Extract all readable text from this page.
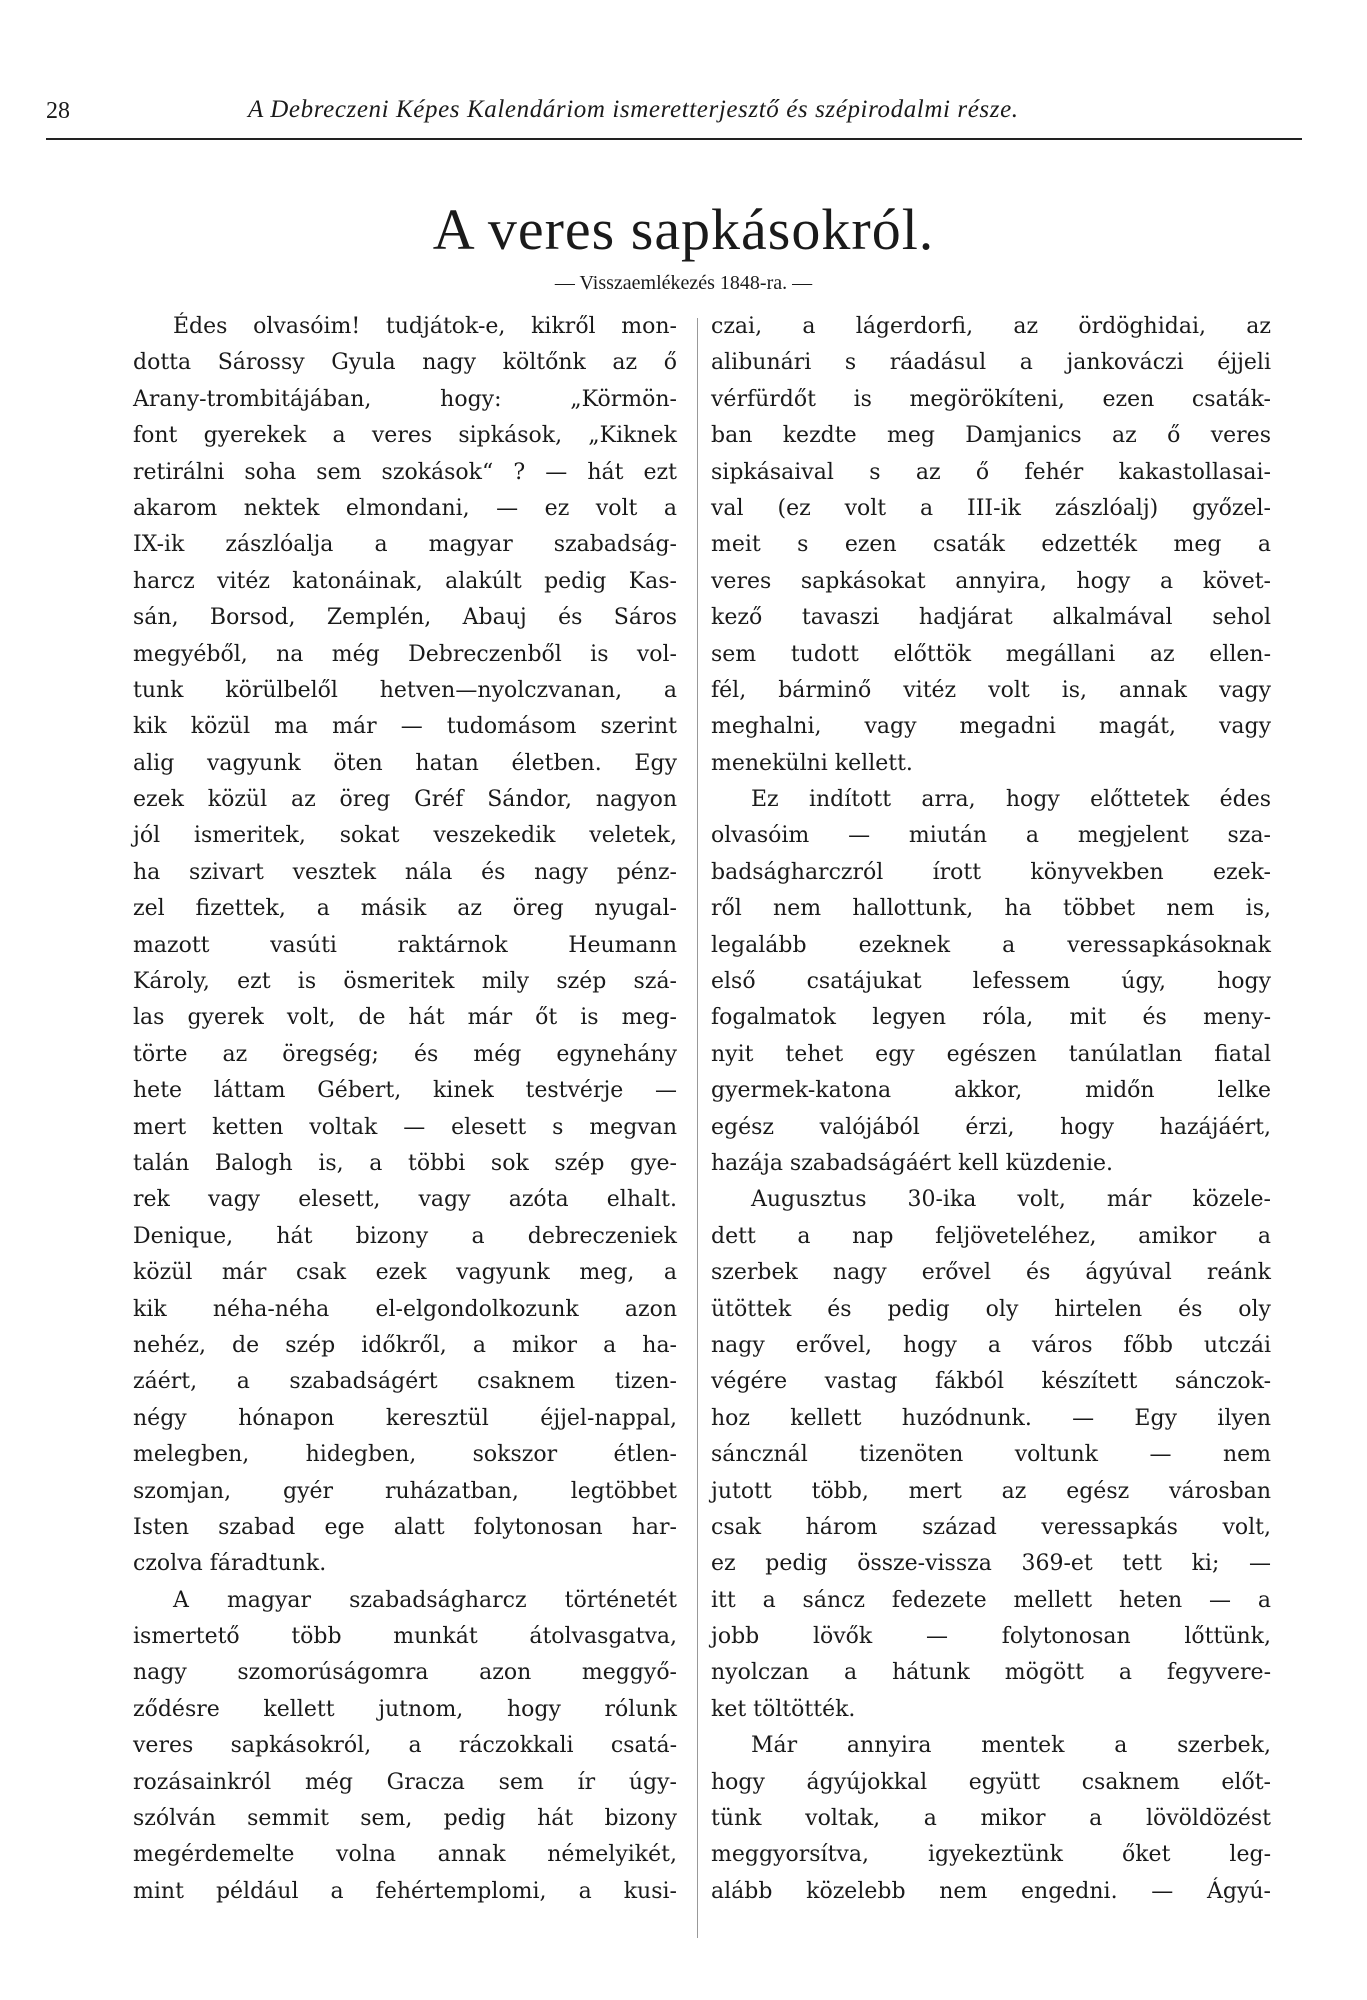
28	A Debreczeni Képes Kalendáriom ismeretterjesztő és szépirodalmi része.
A veres sapkásokról.
— Visszaemlékezés 1848-ra. —
Édes olvasóim! tudjátok-e, kikről mon-
dotta Sárossy Gyula nagy költőnk az ő
Arany-trombitájában, hogy: „Körmön-
font gyerekek a veres sipkások, „Kiknek
retirálni soha sem szokások“ ? — hát ezt
akarom nektek elmondani, — ez volt a
IX-ik zászlóalja a magyar szabadság-
harcz vitéz katonáinak, alakúlt pedig Kas-
sán, Borsod, Zemplén, Abauj és Sáros
megyéből, na még Debreczenből is vol-
tunk körülbelől hetven—nyolczvanan, a
kik közül ma már — tudomásom szerint
alig vagyunk öten hatan életben. Egy
ezek közül az öreg Gréf Sándor, nagyon
jól ismeritek, sokat veszekedik veletek,
ha szivart vesztek nála és nagy pénz-
zel fizettek, a másik az öreg nyugal-
mazott vasúti raktárnok Heumann
Károly, ezt is ösmeritek mily szép szá-
las gyerek volt, de hát már őt is meg-
törte az öregség; és még egynehány
hete láttam Gébert, kinek testvérje —
mert ketten voltak — elesett s megvan
talán Balogh is, a többi sok szép gye-
rek vagy elesett, vagy azóta elhalt.
Denique, hát bizony a debreczeniek
közül már csak ezek vagyunk meg, a
kik néha-néha el-elgondolkozunk azon
nehéz, de szép időkről, a mikor a ha-
záért, a szabadságért csaknem tizen-
négy hónapon keresztül éjjel-nappal,
melegben, hidegben, sokszor étlen-
szomjan, gyér ruházatban, legtöbbet
Isten szabad ege alatt folytonosan har-
czolva fáradtunk.
A magyar szabadságharcz történetét
ismertető több munkát átolvasgatva,
nagy szomorúságomra azon meggyő-
ződésre kellett jutnom, hogy rólunk
veres sapkásokról, a ráczokkali csatá-
rozásainkról még Gracza sem ír úgy-
szólván semmit sem, pedig hát bizony
megérdemelte volna annak némelyikét,
mint például a fehértemplomi, a kusi-
czai, a lágerdorfi, az ördöghidai, az
alibunári s ráadásul a jankováczi éjjeli
vérfürdőt is megörökíteni, ezen csaták-
ban kezdte meg Damjanics az ő veres
sipkásaival s az ő fehér kakastollasai-
val (ez volt a III-ik zászlóalj) győzel-
meit s ezen csaták edzették meg a
veres sapkásokat annyira, hogy a követ-
kező tavaszi hadjárat alkalmával sehol
sem tudott előttök megállani az ellen-
fél, bárminő vitéz volt is, annak vagy
meghalni, vagy megadni magát, vagy
menekülni kellett.
Ez indított arra, hogy előttetek édes
olvasóim — miután a megjelent sza-
badságharczról írott könyvekben ezek-
ről nem hallottunk, ha többet nem is,
legalább ezeknek a veressapkásoknak
első csatájukat lefessem úgy, hogy
fogalmatok legyen róla, mit és meny-
nyit tehet egy egészen tanúlatlan fiatal
gyermek-katona akkor, midőn lelke
egész valójából érzi, hogy hazájáért,
hazája szabadságáért kell küzdenie.
Augusztus 30-ika volt, már közele-
dett a nap feljöveteléhez, amikor a
szerbek nagy erővel és ágyúval reánk
ütöttek és pedig oly hirtelen és oly
nagy erővel, hogy a város főbb utczái
végére vastag fákból készített sánczok-
hoz kellett huzódnunk. — Egy ilyen
sáncznál tizenöten voltunk — nem
jutott több, mert az egész városban
csak három század veressapkás volt,
ez pedig össze-vissza 369-et tett ki; —
itt a sáncz fedezete mellett heten — a
jobb lövők — folytonosan lőttünk,
nyolczan a hátunk mögött a fegyvere-
ket töltötték.
Már annyira mentek a szerbek,
hogy ágyújokkal együtt csaknem előt-
tünk voltak, a mikor a lövöldözést
meggyorsítva, igyekeztünk őket leg-
alább közelebb nem engedni. — Ágyú-
